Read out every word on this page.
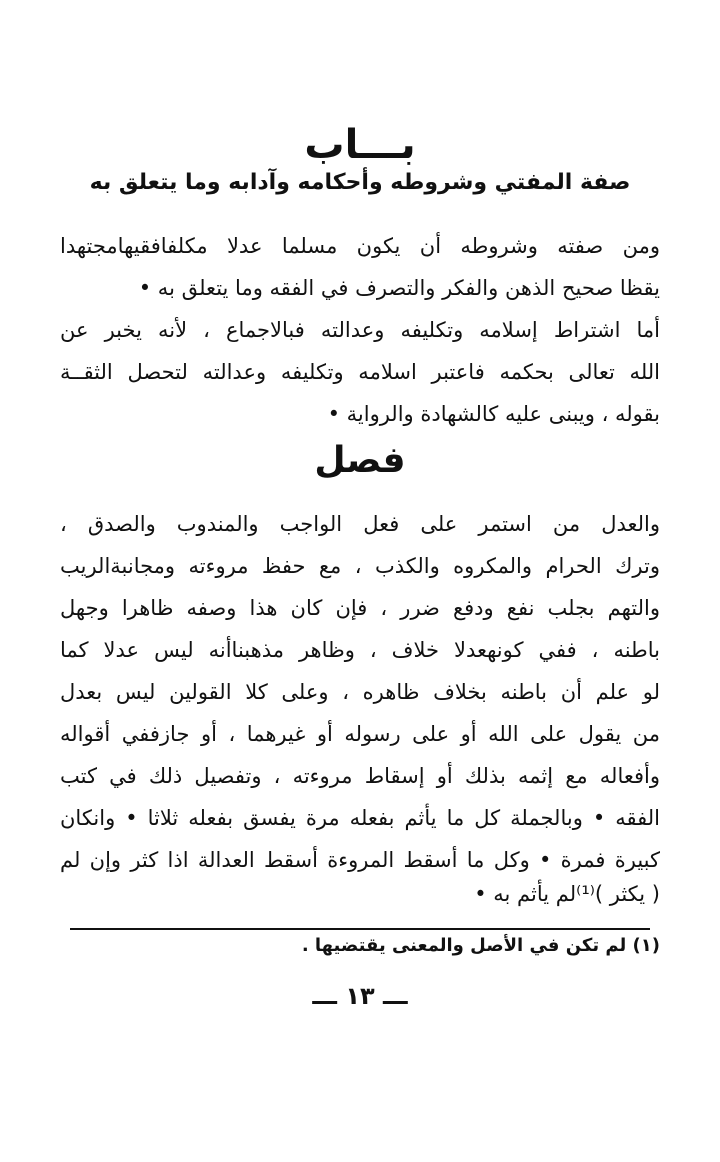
بـــاب
صفة المفتي وشروطه وأحكامه وآدابه وما يتعلق به
ومن صفته وشروطه أن يكون مسلما عدلا مكلفافقيهامجتهدا
يقظا صحيح الذهن والفكر والتصرف في الفقه وما يتعلق به •
أما اشتراط إسلامه وتكليفه وعدالته فبالاجماع ، لأنه يخبر عن
الله تعالى بحكمه فاعتبر اسلامه وتكليفه وعدالته لتحصل الثقــة
بقوله ، ويبنى عليه كالشهادة والرواية •
فصل
والعدل من استمر على فعل الواجب والمندوب والصدق ،
وترك الحرام والمكروه والكذب ، مع حفظ مروءته ومجانبةالريب
والتهم بجلب نفع ودفع ضرر ، فإن كان هذا وصفه ظاهرا وجهل
باطنه ، ففي كونهعدلا خلاف ، وظاهر مذهبناأنه ليس عدلا كما
لو علم أن باطنه بخلاف ظاهره ، وعلى كلا القولين ليس بعدل
من يقول على الله أو على رسوله أو غيرهما ، أو جازففي أقواله
وأفعاله مع إثمه بذلك أو إسقاط مروءته ، وتفصيل ذلك في كتب
الفقه • وبالجملة كل ما يأثم بفعله مرة يفسق بفعله ثلاثا • وانكان
كبيرة فمرة • وكل ما أسقط المروءة أسقط العدالة اذا كثر وإن لم
( يكثر )⁽¹⁾لم يأثم به •
(١) لم تكن في الأصل والمعنى يقتضيها .
ـــ ١٣ ـــ
